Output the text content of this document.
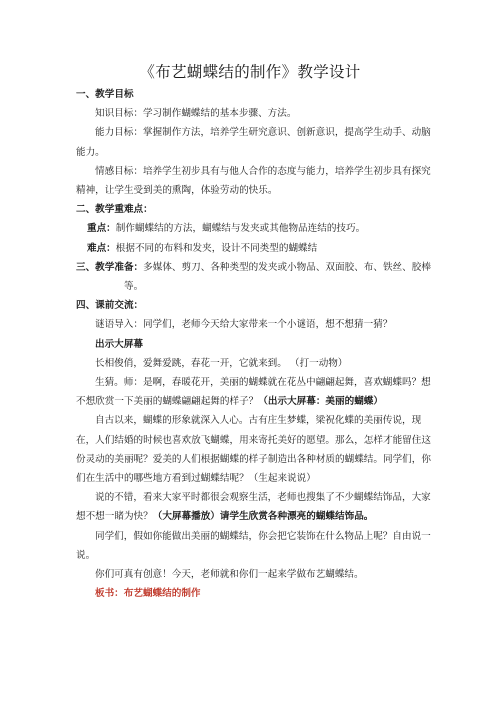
《布艺蝴蝶结的制作》教学设计

一、教学目标

知识目标：学习制作蝴蝶结的基本步骤、方法。

能力目标：掌握制作方法，培养学生研究意识、创新意识，提高学生动手、动脑能力。

情感目标：培养学生初步具有与他人合作的态度与能力，培养学生初步具有探究精神，让学生受到美的熏陶，体验劳动的快乐。

二、教学重难点：

重点：制作蝴蝶结的方法，蝴蝶结与发夹或其他物品连结的技巧。

难点：根据不同的布料和发夹，设计不同类型的蝴蝶结

三、教学准备：多媒体、剪刀、各种类型的发夹或小物品、双面胶、布、铁丝、胶棒等。

四、课前交流：

谜语导入：同学们，老师今天给大家带来一个小谜语，想不想猜一猜？

出示大屏幕

长相俊俏，爱舞爱跳，春花一开，它就来到。 （打一动物）

生猜。师：是啊，春暖花开，美丽的蝴蝶就在花丛中翩翩起舞，喜欢蝴蝶吗？想不想欣赏一下美丽的蝴蝶翩翩起舞的样子？（出示大屏幕：美丽的蝴蝶）

自古以来，蝴蝶的形象就深入人心。古有庄生梦蝶，梁祝化蝶的美丽传说，现在，人们结婚的时候也喜欢放飞蝴蝶，用来寄托美好的愿望。那么，怎样才能留住这份灵动的美丽呢？爱美的人们根据蝴蝶的样子制造出各种材质的蝴蝶结。同学们，你们在生活中的哪些地方看到过蝴蝶结呢？（生起来说说）

说的不错，看来大家平时都很会观察生活，老师也搜集了不少蝴蝶结饰品，大家想不想一睹为快？（大屏幕播放）请学生欣赏各种漂亮的蝴蝶结饰品。

同学们，假如你能做出美丽的蝴蝶结，你会把它装饰在什么物品上呢？自由说一说。

你们可真有创意！今天，老师就和你们一起来学做布艺蝴蝶结。

板书：布艺蝴蝶结的制作
